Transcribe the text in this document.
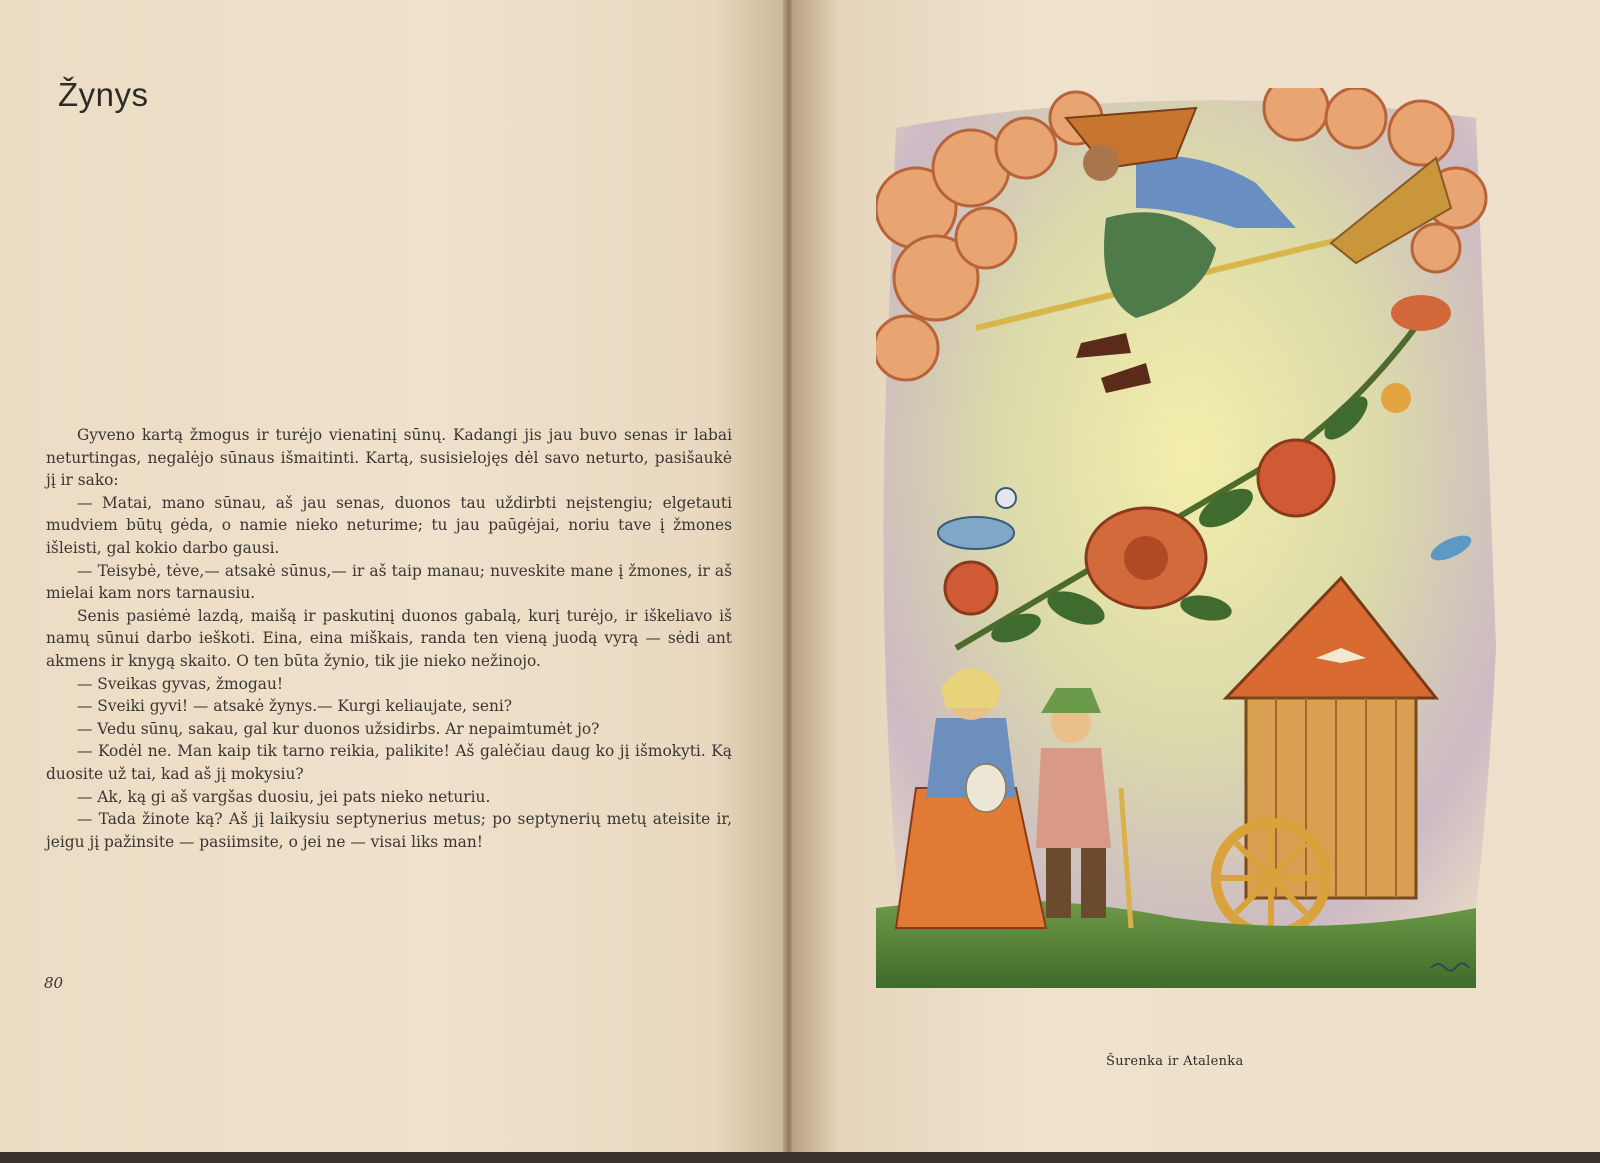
Žynys

Gyveno kartą žmogus ir turėjo vienatinį sūnų. Kadangi jis jau buvo senas ir labai neturtingas, negalėjo sūnaus išmaitinti. Kartą, susisielojęs dėl savo neturto, pasišaukė jį ir sako:

— Matai, mano sūnau, aš jau senas, duonos tau uždirbti neįstengiu; elgetauti mudviem būtų gėda, o namie nieko neturime; tu jau paūgėjai, noriu tave į žmones išleisti, gal kokio darbo gausi.

— Teisybė, tėve,— atsakė sūnus,— ir aš taip manau; nuveskite mane į žmones, ir aš mielai kam nors tarnausiu.

Senis pasiėmė lazdą, maišą ir paskutinį duonos gabalą, kurį turėjo, ir iškeliavo iš namų sūnui darbo ieškoti. Eina, eina miškais, randa ten vieną juodą vyrą — sėdi ant akmens ir knygą skaito. O ten būta žynio, tik jie nieko nežinojo.

— Sveikas gyvas, žmogau!

— Sveiki gyvi! — atsakė žynys.— Kurgi keliaujate, seni?

— Vedu sūnų, sakau, gal kur duonos užsidirbs. Ar nepaimtumėt jo?

— Kodėl ne. Man kaip tik tarno reikia, palikite! Aš galėčiau daug ko jį išmokyti. Ką duosite už tai, kad aš jį mokysiu?

— Ak, ką gi aš vargšas duosiu, jei pats nieko neturiu.

— Tada žinote ką? Aš jį laikysiu septynerius metus; po septynerių metų ateisite ir, jeigu jį pažinsite — pasiimsite, o jei ne — visai liks man!

80
Šurenka ir Atalenka
